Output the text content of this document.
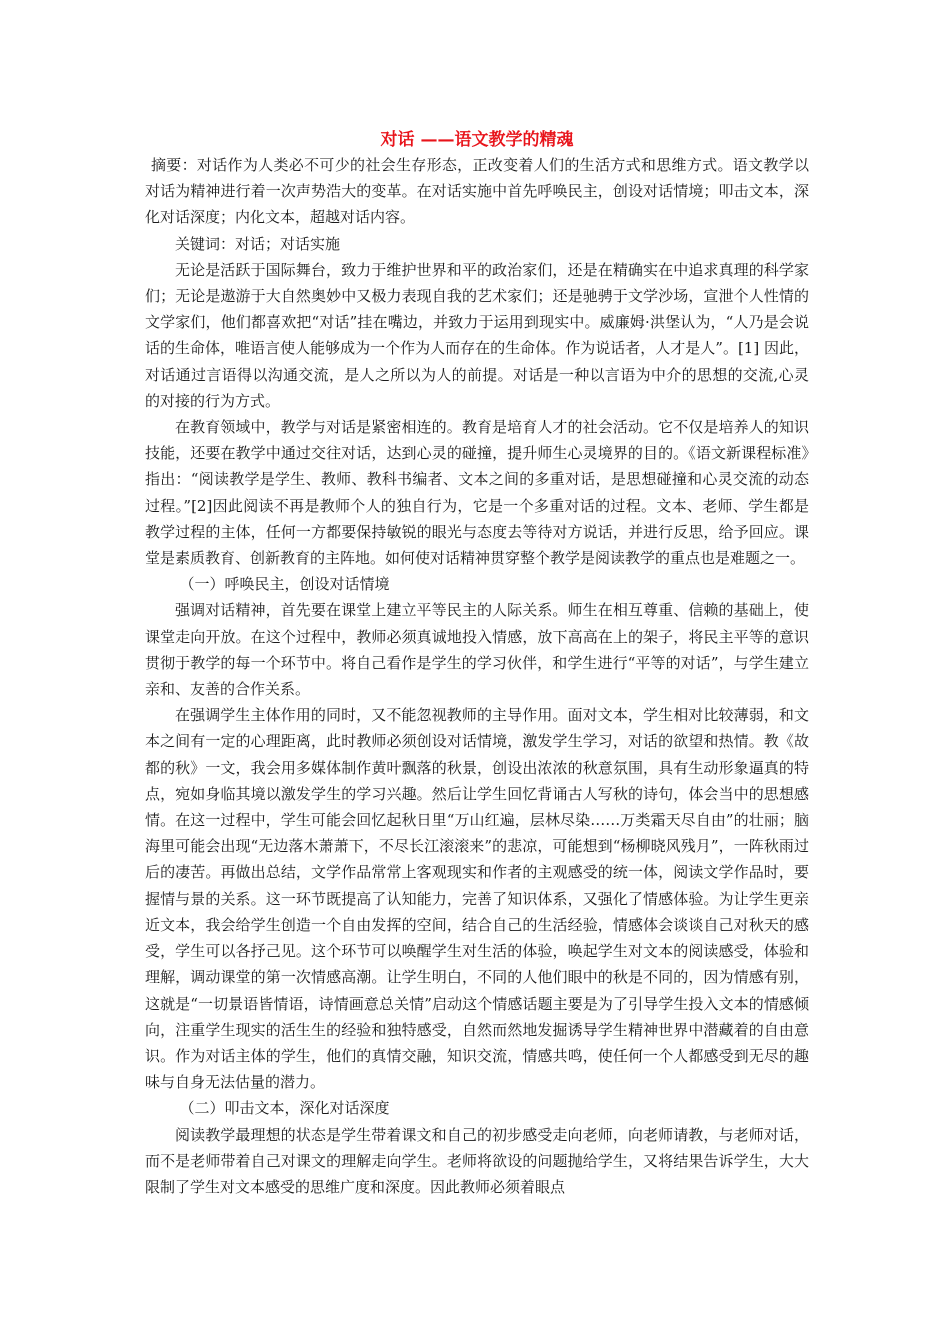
对话 ——语文教学的精魂

摘要：对话作为人类必不可少的社会生存形态，正改变着人们的生活方式和思维方式。语文教学以对话为精神进行着一次声势浩大的变革。在对话实施中首先呼唤民主，创设对话情境；叩击文本，深化对话深度；内化文本，超越对话内容。

关键词：对话；对话实施

无论是活跃于国际舞台，致力于维护世界和平的政治家们，还是在精确实在中追求真理的科学家们；无论是遨游于大自然奥妙中又极力表现自我的艺术家们；还是驰骋于文学沙场，宣泄个人性情的文学家们，他们都喜欢把“对话”挂在嘴边，并致力于运用到现实中。威廉姆·洪堡认为，“人乃是会说话的生命体，唯语言使人能够成为一个作为人而存在的生命体。作为说话者，人才是人”。[1] 因此，对话通过言语得以沟通交流，是人之所以为人的前提。对话是一种以言语为中介的思想的交流,心灵的对接的行为方式。

在教育领域中，教学与对话是紧密相连的。教育是培育人才的社会活动。它不仅是培养人的知识技能，还要在教学中通过交往对话，达到心灵的碰撞，提升师生心灵境界的目的。《语文新课程标准》指出：“阅读教学是学生、教师、教科书编者、文本之间的多重对话，是思想碰撞和心灵交流的动态过程。”[2]因此阅读不再是教师个人的独自行为，它是一个多重对话的过程。文本、老师、学生都是教学过程的主体，任何一方都要保持敏锐的眼光与态度去等待对方说话，并进行反思，给予回应。课堂是素质教育、创新教育的主阵地。如何使对话精神贯穿整个教学是阅读教学的重点也是难题之一。

（一）呼唤民主，创设对话情境

强调对话精神，首先要在课堂上建立平等民主的人际关系。师生在相互尊重、信赖的基础上，使课堂走向开放。在这个过程中，教师必须真诚地投入情感，放下高高在上的架子，将民主平等的意识贯彻于教学的每一个环节中。将自己看作是学生的学习伙伴，和学生进行“平等的对话”，与学生建立亲和、友善的合作关系。

在强调学生主体作用的同时，又不能忽视教师的主导作用。面对文本，学生相对比较薄弱，和文本之间有一定的心理距离，此时教师必须创设对话情境，激发学生学习，对话的欲望和热情。教《故都的秋》一文，我会用多媒体制作黄叶飘落的秋景，创设出浓浓的秋意氛围，具有生动形象逼真的特点，宛如身临其境以激发学生的学习兴趣。然后让学生回忆背诵古人写秋的诗句，体会当中的思想感情。在这一过程中，学生可能会回忆起秋日里“万山红遍，层林尽染……万类霜天尽自由”的壮丽；脑海里可能会出现“无边落木萧萧下，不尽长江滚滚来”的悲凉，可能想到“杨柳晓风残月”，一阵秋雨过后的凄苦。再做出总结，文学作品常常上客观现实和作者的主观感受的统一体，阅读文学作品时，要握情与景的关系。这一环节既提高了认知能力，完善了知识体系，又强化了情感体验。为让学生更亲近文本，我会给学生创造一个自由发挥的空间，结合自己的生活经验，情感体会谈谈自己对秋天的感受，学生可以各抒己见。这个环节可以唤醒学生对生活的体验，唤起学生对文本的阅读感受，体验和理解，调动课堂的第一次情感高潮。让学生明白，不同的人他们眼中的秋是不同的，因为情感有别，这就是“一切景语皆情语，诗情画意总关情”启动这个情感话题主要是为了引导学生投入文本的情感倾向，注重学生现实的活生生的经验和独特感受，自然而然地发掘诱导学生精神世界中潜藏着的自由意识。作为对话主体的学生，他们的真情交融，知识交流，情感共鸣，使任何一个人都感受到无尽的趣味与自身无法估量的潜力。

（二）叩击文本，深化对话深度

阅读教学最理想的状态是学生带着课文和自己的初步感受走向老师，向老师请教，与老师对话，而不是老师带着自己对课文的理解走向学生。老师将欲设的问题抛给学生，又将结果告诉学生，大大限制了学生对文本感受的思维广度和深度。因此教师必须着眼点
